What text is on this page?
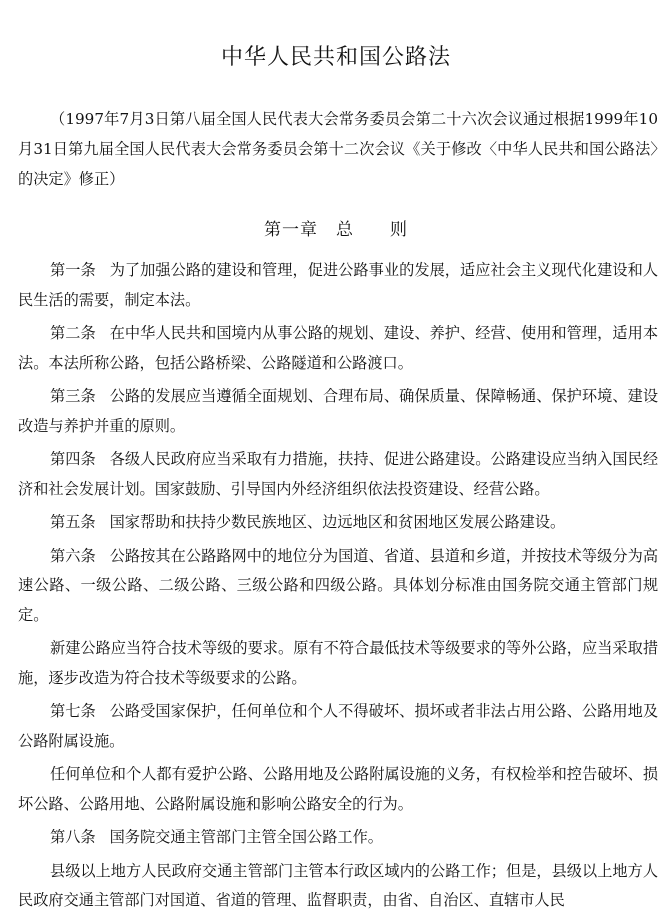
中华人民共和国公路法
（1997年7月3日第八届全国人民代表大会常务委员会第二十六次会议通过根据1999年10月31日第九届全国人民代表大会常务委员会第十二次会议《关于修改〈中华人民共和国公路法〉的决定》修正）
第一章　总　　则

第一条 为了加强公路的建设和管理，促进公路事业的发展，适应社会主义现代化建设和人民生活的需要，制定本法。

第二条 在中华人民共和国境内从事公路的规划、建设、养护、经营、使用和管理，适用本法。本法所称公路，包括公路桥梁、公路隧道和公路渡口。

第三条 公路的发展应当遵循全面规划、合理布局、确保质量、保障畅通、保护环境、建设改造与养护并重的原则。

第四条 各级人民政府应当采取有力措施，扶持、促进公路建设。公路建设应当纳入国民经济和社会发展计划。国家鼓励、引导国内外经济组织依法投资建设、经营公路。

第五条 国家帮助和扶持少数民族地区、边远地区和贫困地区发展公路建设。

第六条 公路按其在公路路网中的地位分为国道、省道、县道和乡道，并按技术等级分为高速公路、一级公路、二级公路、三级公路和四级公路。具体划分标准由国务院交通主管部门规定。

新建公路应当符合技术等级的要求。原有不符合最低技术等级要求的等外公路，应当采取措施，逐步改造为符合技术等级要求的公路。

第七条 公路受国家保护，任何单位和个人不得破坏、损坏或者非法占用公路、公路用地及公路附属设施。

任何单位和个人都有爱护公路、公路用地及公路附属设施的义务，有权检举和控告破坏、损坏公路、公路用地、公路附属设施和影响公路安全的行为。

第八条 国务院交通主管部门主管全国公路工作。

县级以上地方人民政府交通主管部门主管本行政区域内的公路工作；但是，县级以上地方人民政府交通主管部门对国道、省道的管理、监督职责，由省、自治区、直辖市人民
